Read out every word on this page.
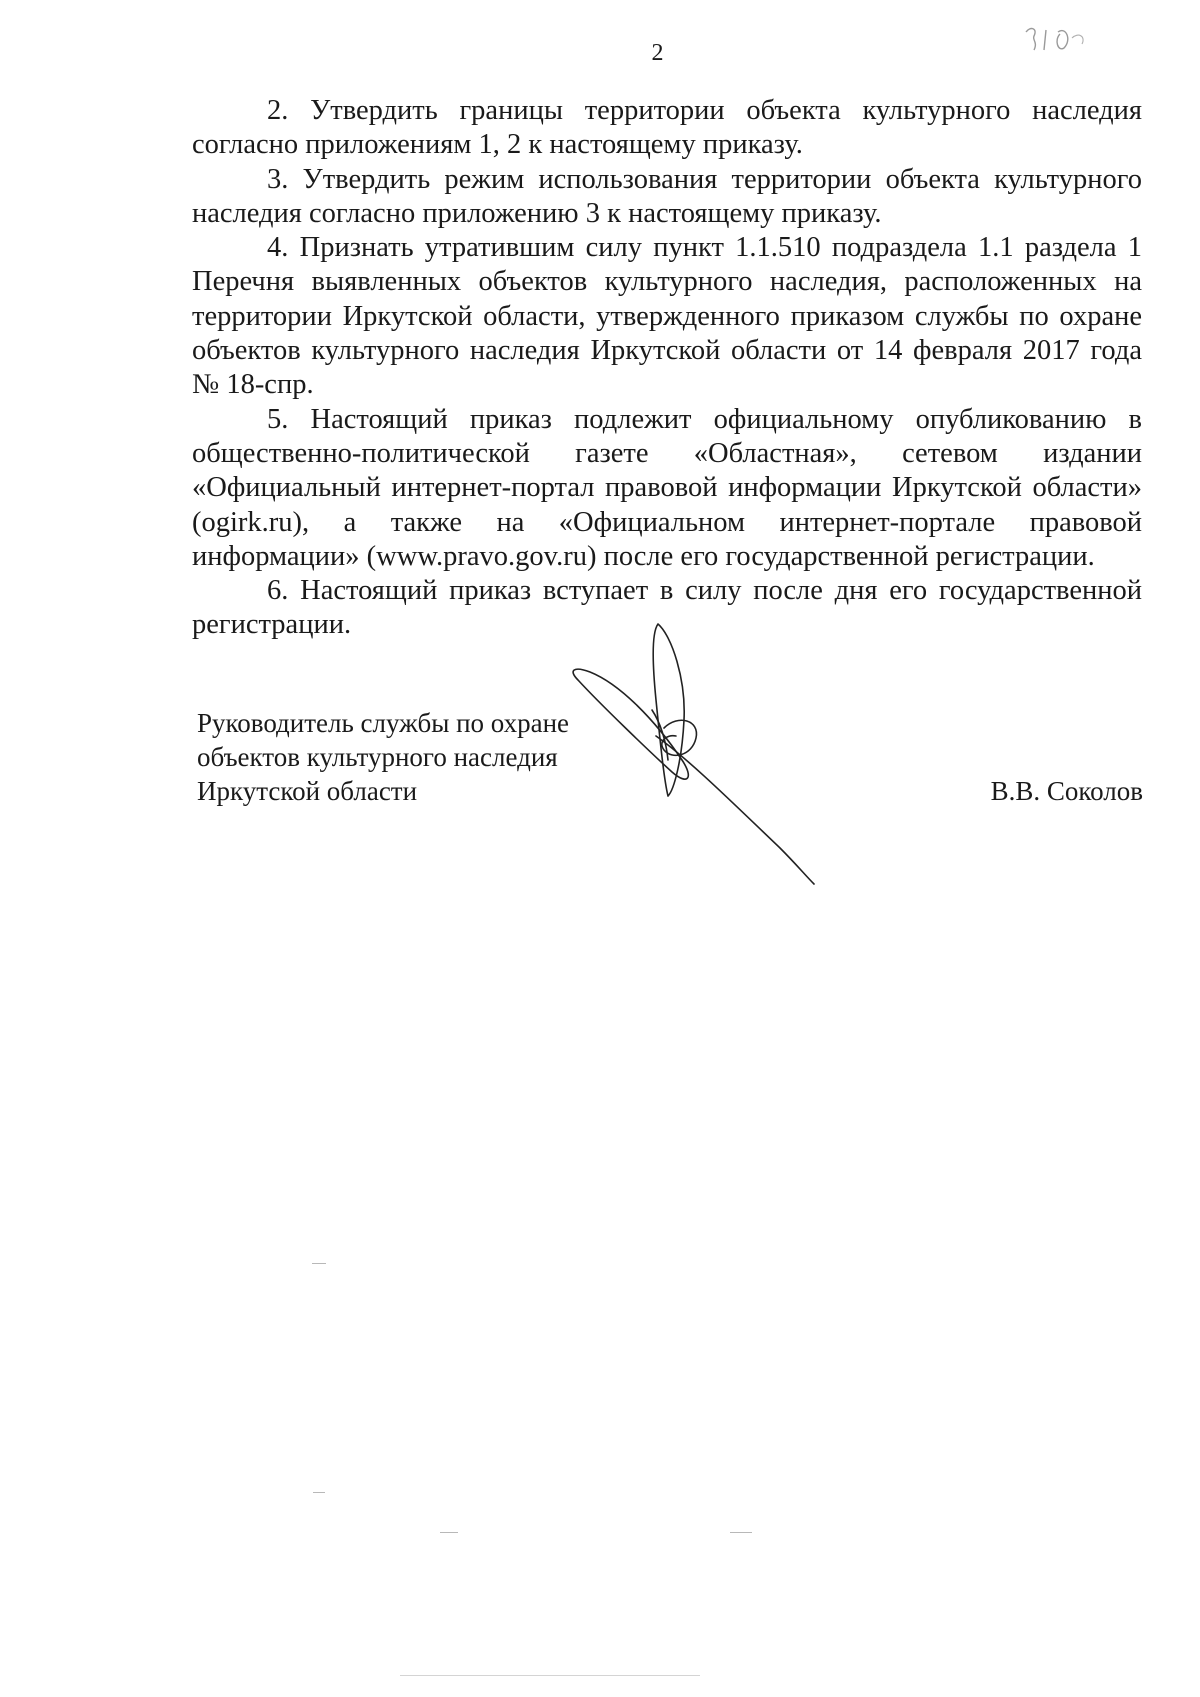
2

2. Утвердить границы территории объекта культурного наследия согласно приложениям 1, 2 к настоящему приказу.

3. Утвердить режим использования территории объекта культурного наследия согласно приложению 3 к настоящему приказу.

4. Признать утратившим силу пункт 1.1.510 подраздела 1.1 раздела 1 Перечня выявленных объектов культурного наследия, расположенных на территории Иркутской области, утвержденного приказом службы по охране объектов культурного наследия Иркутской области от 14 февраля 2017 года № 18-спр.

5. Настоящий приказ подлежит официальному опубликованию в общественно-политической газете «Областная», сетевом издании «Официальный интернет-портал правовой информации Иркутской области» (ogirk.ru), а также на «Официальном интернет-портале правовой информации» (www.pravo.gov.ru) после его государственной регистрации.

6. Настоящий приказ вступает в силу после дня его государственной регистрации.

Руководитель службы по охране
объектов культурного наследия
Иркутской области	В.В. Соколов
